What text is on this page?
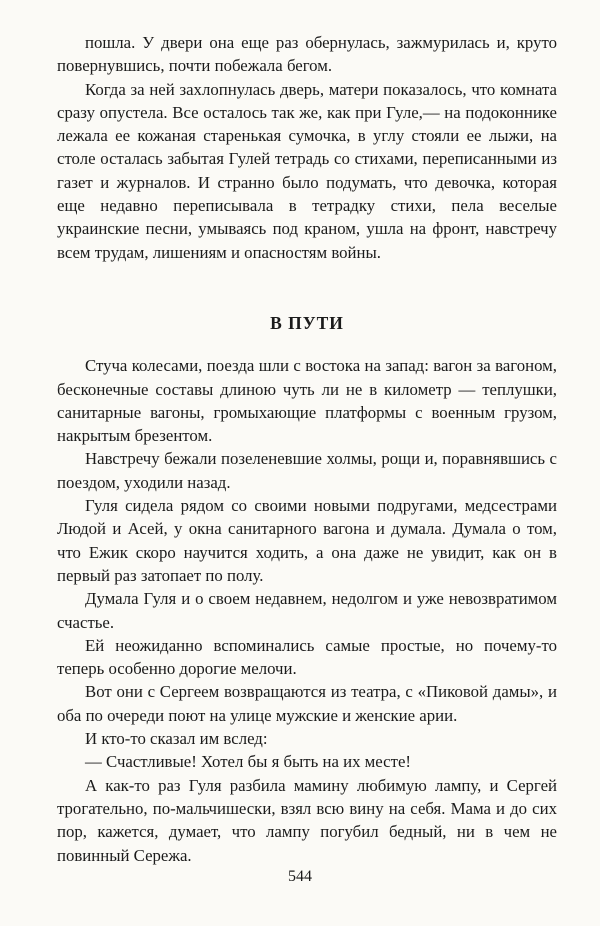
пошла. У двери она еще раз обернулась, зажмурилась и, круто повернувшись, почти побежала бегом.

Когда за ней захлопнулась дверь, матери показалось, что комната сразу опустела. Все осталось так же, как при Гуле,— на подоконнике лежала ее кожаная старенькая сумочка, в углу стояли ее лыжи, на столе осталась забытая Гулей тетрадь со стихами, переписанными из газет и журналов. И странно было подумать, что девочка, которая еще недавно переписывала в тетрадку стихи, пела веселые украинские песни, умываясь под краном, ушла на фронт, навстречу всем трудам, лишениям и опасностям войны.

В ПУТИ

Стуча колесами, поезда шли с востока на запад: вагон за вагоном, бесконечные составы длиною чуть ли не в километр — теплушки, санитарные вагоны, громыхающие платформы с военным грузом, накрытым брезентом.

Навстречу бежали позеленевшие холмы, рощи и, поравнявшись с поездом, уходили назад.

Гуля сидела рядом со своими новыми подругами, медсестрами Людой и Асей, у окна санитарного вагона и думала. Думала о том, что Ежик скоро научится ходить, а она даже не увидит, как он в первый раз затопает по полу.

Думала Гуля и о своем недавнем, недолгом и уже невозвратимом счастье.

Ей неожиданно вспоминались самые простые, но почему-то теперь особенно дорогие мелочи.

Вот они с Сергеем возвращаются из театра, с «Пиковой дамы», и оба по очереди поют на улице мужские и женские арии.

И кто-то сказал им вслед:

— Счастливые! Хотел бы я быть на их месте!

А как-то раз Гуля разбила мамину любимую лампу, и Сергей трогательно, по-мальчишески, взял всю вину на себя. Мама и до сих пор, кажется, думает, что лампу погубил бедный, ни в чем не повинный Сережа.

544
